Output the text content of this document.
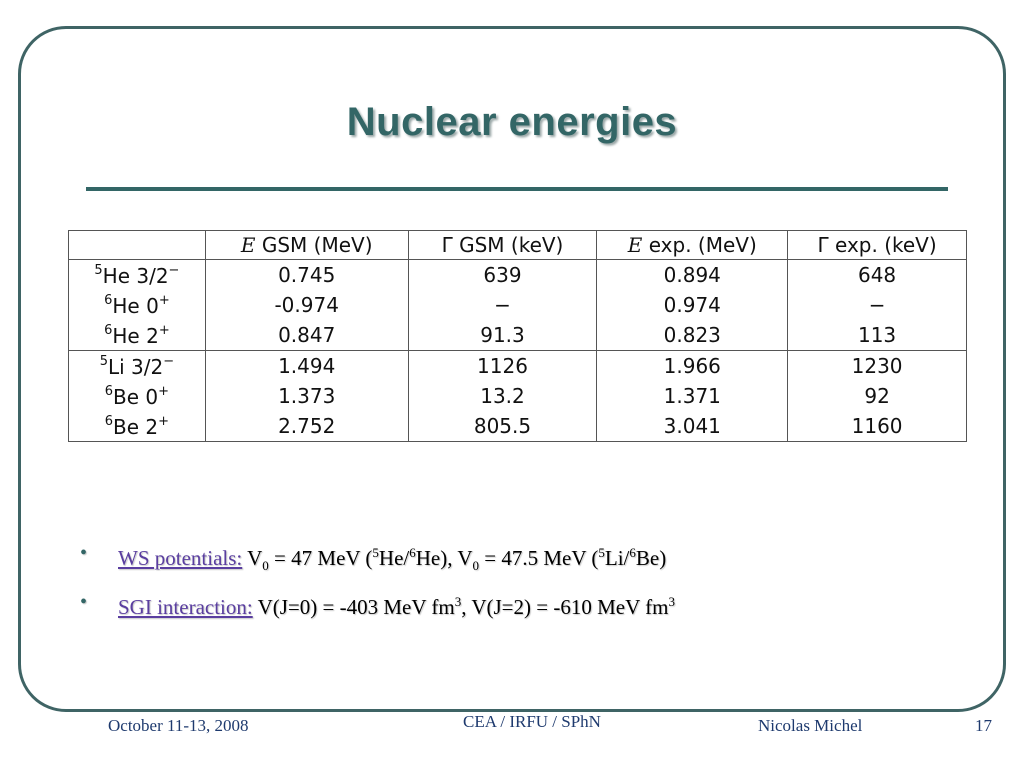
Nuclear energies
	E GSM (MeV)	Γ GSM (keV)	E exp. (MeV)	Γ exp. (keV)
$^5$He 3/2−	0.745	639	0.894	648
$^6$He 0+	-0.974	−	0.974	−
$^6$He 2+	0.847	91.3	0.823	113
$^5$Li 3/2−	1.494	1126	1.966	1230
$^6$Be 0+	1.373	13.2	1.371	92
$^6$Be 2+	2.752	805.5	3.041	1160
• WS potentials: $V_0 = 47$ MeV ($^5$He/$^6$He), $V_0 = 47.5$ MeV ($^5$Li/$^6$Be)
• SGI interaction: V(J=0) = -403 MeV $fm^3$, V(J=2) = -610 MeV $fm^3$
October 11-13, 2008	CEA / IRFU / SPhN	Nicolas Michel	17
